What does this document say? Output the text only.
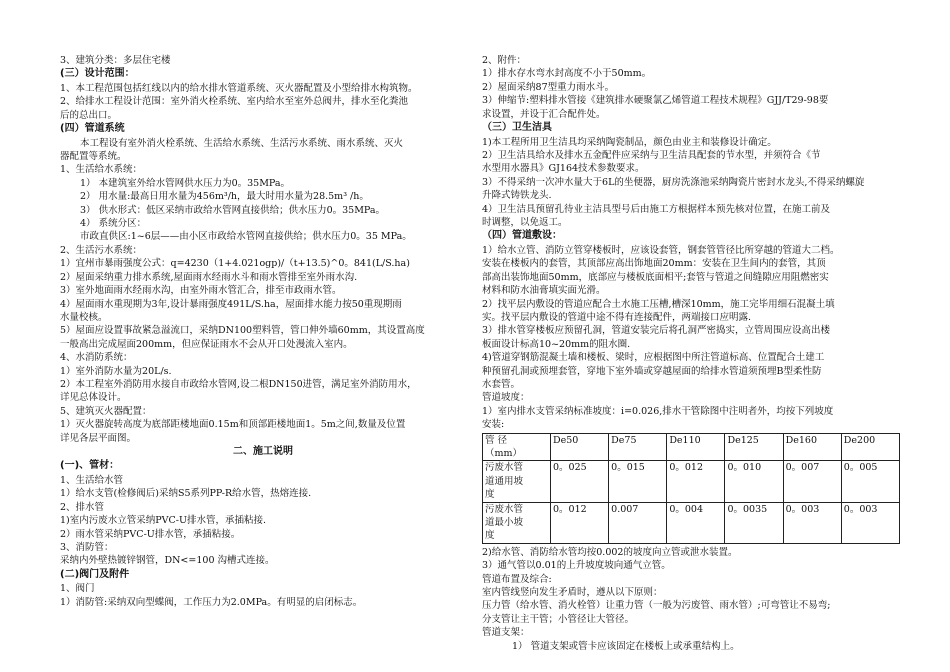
3、建筑分类：多层住宅楼
(三）设计范围：
1、本工程范围包括红线以内的给水排水管道系统、灭火器配置及小型给排水构筑物。
2、给排水工程设计范围：室外消火栓系统、室内给水至室外总阀井，排水至化粪池
后的总出口。
(四）管道系统
本工程设有室外消火栓系统、生活给水系统、生活污水系统、雨水系统、灭火
器配置等系统。
1、生活给水系统：
1） 本建筑室外给水管网供水压力为0。35MPa。
2） 用水量:最高日用水量为456m³/h，最大时用水量为28.5m³ /h。
3） 供水形式：低区采纳市政给水管网直接供给；供水压力0。35MPa。
4） 系统分区：
市政直供区:1~6层——由小区市政给水管网直接供给；供水压力0。35 MPa。
2、生活污水系统：
1）宜州市暴雨强度公式：q=4230（1+4.021ogp)/（t+13.5)^0。841(L/S.ha)
2）屋面采纳重力排水系统,屋面雨水经雨水斗和雨水管排至室外雨水沟.
3）室外地面雨水经雨水沟，由室外雨水管汇合，排至市政雨水管。
4）屋面雨水重现期为3年,设计暴雨强度491L/S.ha，屋面排水能力按50重现期雨
水量校核。
5）屋面应设置事故紧急溢流口，采纳DN100塑料管，管口伸外墙60mm，其设置高度
一般高出完成屋面200mm，但应保证雨水不会从开口处漫流入室内。
4、水消防系统：
1）室外消防水量为20L/s.
2）本工程室外消防用水接自市政给水管网,设二根DN150进管，满足室外消防用水，
详见总体设计。
5、建筑灭火器配置：
1）灭火器旋转高度为底部距楼地面0.15m和顶部距楼地面1。5m之间,数量及位置
详见各层平面图。
二、施工说明
(一)、管材：
1、生活给水管
1）给水支管(检修阀后)采纳S5系列PP-R给水管，热熔连接.
2、排水管
1)室内污废水立管采纳PVC-U排水管，承插粘接.
2）雨水管采纳PVC-U排水管，承插粘接。
3、消防管：
采纳内外壁热镀锌钢管，DN<=100 沟槽式连接。
(二)阀门及附件
1、阀门
1）消防管:采纳双向型蝶阀，工作压力为2.0MPa。有明显的启闭标志。
2、附件：
1）排水存水弯水封高度不小于50mm。
2）屋面采纳87型重力雨水斗。
3）伸缩节:塑料排水管接《建筑排水硬聚氯乙烯管道工程技术规程》GJJ/T29-98要
求设置，并设于汇合配件处。
（三）卫生洁具
1)本工程所用卫生洁具均采纳陶瓷制品，颜色由业主和装修设计确定。
2）卫生洁具给水及排水五金配件应采纳与卫生洁具配套的节水型，并须符合《节
水型用水器具》GJ164技术参数要求。
3）不得采纳一次冲水量大于6L的坐便器，厨房洗涤池采纳陶瓷片密封水龙头,不得采纳螺旋
升降式铸铁龙头.
4）卫生洁具预留孔待业主洁具型号后由施工方根据样本预先核对位置，在施工前及
时调整，以免返工。
（四）管道敷设：
1）给水立管、消防立管穿楼板时，应该设套管，钢套管管径比所穿越的管道大二档。
安装在楼板内的套管，其顶部应高出饰地面20mm：安装在卫生间内的套管，其顶
部高出装饰地面50mm，底部应与楼板底面相平;套管与管道之间缝隙应用阻燃密实
材料和防水油膏填实面光滑。
2）找平层内敷设的管道应配合土水施工压槽,槽深10mm，施工完毕用细石混凝土填
实。找平层内敷设的管道中途不得有连接配件，两端接口应明露.
3）排水管穿楼板应预留孔洞，管道安装完后将孔洞严密捣实，立管周围应设高出楼
板面设计标高10~20mm的阻水圈.
4)管道穿钢筋混凝土墙和楼板、梁时，应根据图中所注管道标高、位置配合土建工
种预留孔洞或预埋套管，穿地下室外墙或穿越屋面的给排水管道须预埋B型柔性防
水套管。
管道坡度：
1）室内排水支管采纳标准坡度：i=0.026,排水干管除图中注明者外，均按下列坡度
安装:
管 径
（mm）	De50	De75	De110	De125	De160	De200

污废水管
道通用坡
度	0。025	0。015	0。012	0。010	0。007	0。005

污废水管
道最小坡
度	0。012	0.007	0。004	0。0035	0。003	0。003
2)给水管、消防给水管均按0.002的坡度向立管或泄水装置。
3）通气管以0.01的上升坡度坡向通气立管。
管道布置及综合:
室内管线竖向发生矛盾时，遵从以下原则：
压力管（给水管、消火栓管）让重力管（一般为污废管、雨水管）;可弯管让不易弯;
分支管让主干管；小管径让大管径。
管道支架：
1） 管道支架或管卡应该固定在楼板上或承重结构上。
